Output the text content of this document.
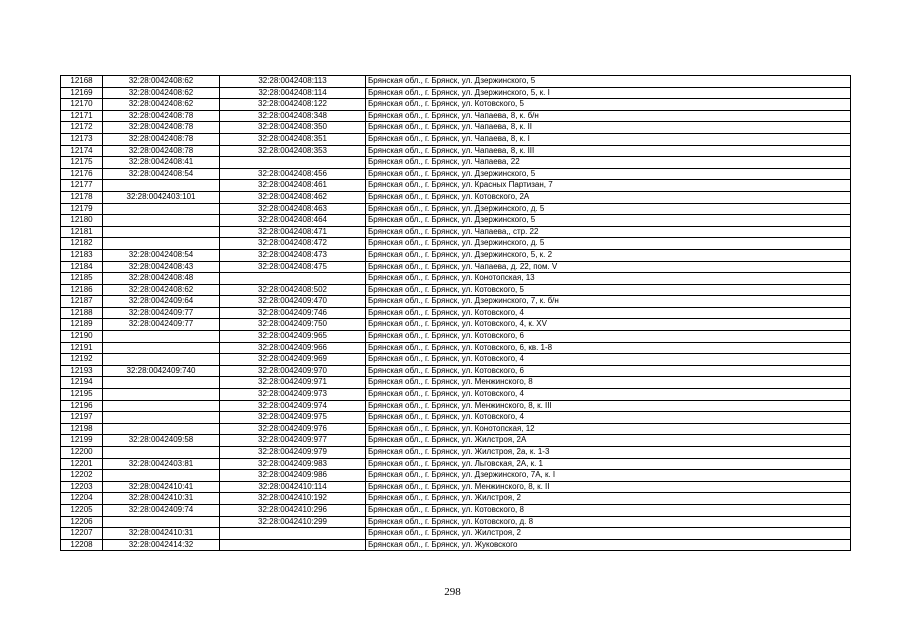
12168	32:28:0042408:62	32:28:0042408:113	Брянская обл., г. Брянск, ул. Дзержинского, 5
12169	32:28:0042408:62	32:28:0042408:114	Брянская обл., г. Брянск, ул. Дзержинского, 5, к. I
12170	32:28:0042408:62	32:28:0042408:122	Брянская обл., г. Брянск, ул. Котовского, 5
12171	32:28:0042408:78	32:28:0042408:348	Брянская обл., г. Брянск, ул. Чапаева, 8, к. б/н
12172	32:28:0042408:78	32:28:0042408:350	Брянская обл., г. Брянск, ул. Чапаева, 8, к. II
12173	32:28:0042408:78	32:28:0042408:351	Брянская обл., г. Брянск, ул. Чапаева, 8, к. I
12174	32:28:0042408:78	32:28:0042408:353	Брянская обл., г. Брянск, ул. Чапаева, 8, к. III
12175	32:28:0042408:41		Брянская обл., г. Брянск, ул. Чапаева, 22
12176	32:28:0042408:54	32:28:0042408:456	Брянская обл., г. Брянск, ул. Дзержинского, 5
12177		32:28:0042408:461	Брянская обл., г. Брянск, ул. Красных Партизан, 7
12178	32:28:0042403:101	32:28:0042408:462	Брянская обл., г. Брянск, ул. Котовского, 2А
12179		32:28:0042408:463	Брянская обл., г. Брянск, ул. Дзержинского, д. 5
12180		32:28:0042408:464	Брянская обл., г. Брянск, ул. Дзержинского, 5
12181		32:28:0042408:471	Брянская обл., г. Брянск, ул. Чапаева,, стр. 22
12182		32:28:0042408:472	Брянская обл., г. Брянск, ул. Дзержинского, д. 5
12183	32:28:0042408:54	32:28:0042408:473	Брянская обл., г. Брянск, ул. Дзержинского, 5, к. 2
12184	32:28:0042408:43	32:28:0042408:475	Брянская обл., г. Брянск, ул. Чапаева, д. 22, пом. V
12185	32:28:0042408:48		Брянская обл., г. Брянск, ул. Конотопская, 13
12186	32:28:0042408:62	32:28:0042408:502	Брянская обл., г. Брянск, ул. Котовского, 5
12187	32:28:0042409:64	32:28:0042409:470	Брянская обл., г. Брянск, ул. Дзержинского, 7, к. б/н
12188	32:28:0042409:77	32:28:0042409:746	Брянская обл., г. Брянск, ул. Котовского, 4
12189	32:28:0042409:77	32:28:0042409:750	Брянская обл., г. Брянск, ул. Котовского, 4, к. XV
12190		32:28:0042409:965	Брянская обл., г. Брянск, ул. Котовского, 6
12191		32:28:0042409:966	Брянская обл., г. Брянск, ул. Котовского, 6, кв. 1-8
12192		32:28:0042409:969	Брянская обл., г. Брянск, ул. Котовского, 4
12193	32:28:0042409:740	32:28:0042409:970	Брянская обл., г. Брянск, ул. Котовского, 6
12194		32:28:0042409:971	Брянская обл., г. Брянск, ул. Менжинского, 8
12195		32:28:0042409:973	Брянская обл., г. Брянск, ул. Котовского, 4
12196		32:28:0042409:974	Брянская обл., г. Брянск, ул. Менжинского, 8, к. III
12197		32:28:0042409:975	Брянская обл., г. Брянск, ул. Котовского, 4
12198		32:28:0042409:976	Брянская обл., г. Брянск, ул. Конотопская, 12
12199	32:28:0042409:58	32:28:0042409:977	Брянская обл., г. Брянск, ул. Жилстроя, 2А
12200		32:28:0042409:979	Брянская обл., г. Брянск, ул. Жилстроя, 2а, к. 1-3
12201	32:28:0042403:81	32:28:0042409:983	Брянская обл., г. Брянск, ул. Льговская, 2А, к. 1
12202		32:28:0042409:986	Брянская обл., г. Брянск, ул. Дзержинского, 7А, к. I
12203	32:28:0042410:41	32:28:0042410:114	Брянская обл., г. Брянск, ул. Менжинского, 8, к. II
12204	32:28:0042410:31	32:28:0042410:192	Брянская обл., г. Брянск, ул. Жилстроя, 2
12205	32:28:0042409:74	32:28:0042410:296	Брянская обл., г. Брянск, ул. Котовского, 8
12206		32:28:0042410:299	Брянская обл., г. Брянск, ул. Котовского, д. 8
12207	32:28:0042410:31		Брянская обл., г. Брянск, ул. Жилстроя, 2
12208	32:28:0042414:32		Брянская обл., г. Брянск, ул. Жуковского
298
